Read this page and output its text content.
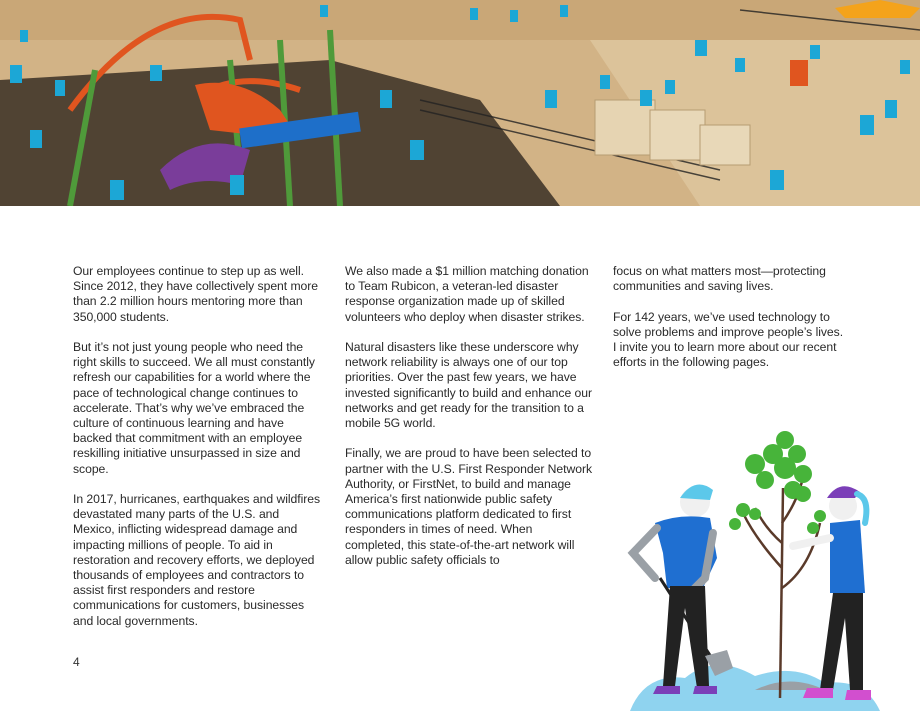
Our employees continue to step up as well. Since 2012, they have collectively spent more than 2.2 million hours mentoring more than 350,000 students.

But it’s not just young people who need the right skills to succeed. We all must constantly refresh our capabilities for a world where the pace of technological change continues to accelerate. That’s why we’ve embraced the culture of continuous learning and have backed that commitment with an employee reskilling initiative unsurpassed in size and scope.

In 2017, hurricanes, earthquakes and wildfires devastated many parts of the U.S. and Mexico, inflicting widespread damage and impacting millions of people. To aid in restoration and recovery efforts, we deployed thousands of employees and contractors to assist first responders and restore communications for customers, businesses and local governments.

We also made a $1 million matching donation to Team Rubicon, a veteran-led disaster response organization made up of skilled volunteers who deploy when disaster strikes.

Natural disasters like these underscore why network reliability is always one of our top priorities. Over the past few years, we have invested significantly to build and enhance our networks and get ready for the transition to a mobile 5G world.

Finally, we are proud to have been selected to partner with the U.S. First Responder Network Authority, or FirstNet, to build and manage America’s first nationwide public safety communications platform dedicated to first responders in times of need. When completed, this state-of-the-art network will allow public safety officials to

focus on what matters most—protecting communities and saving lives.

For 142 years, we’ve used technology to solve problems and improve people’s lives. I invite you to learn more about our recent efforts in the following pages.

4
